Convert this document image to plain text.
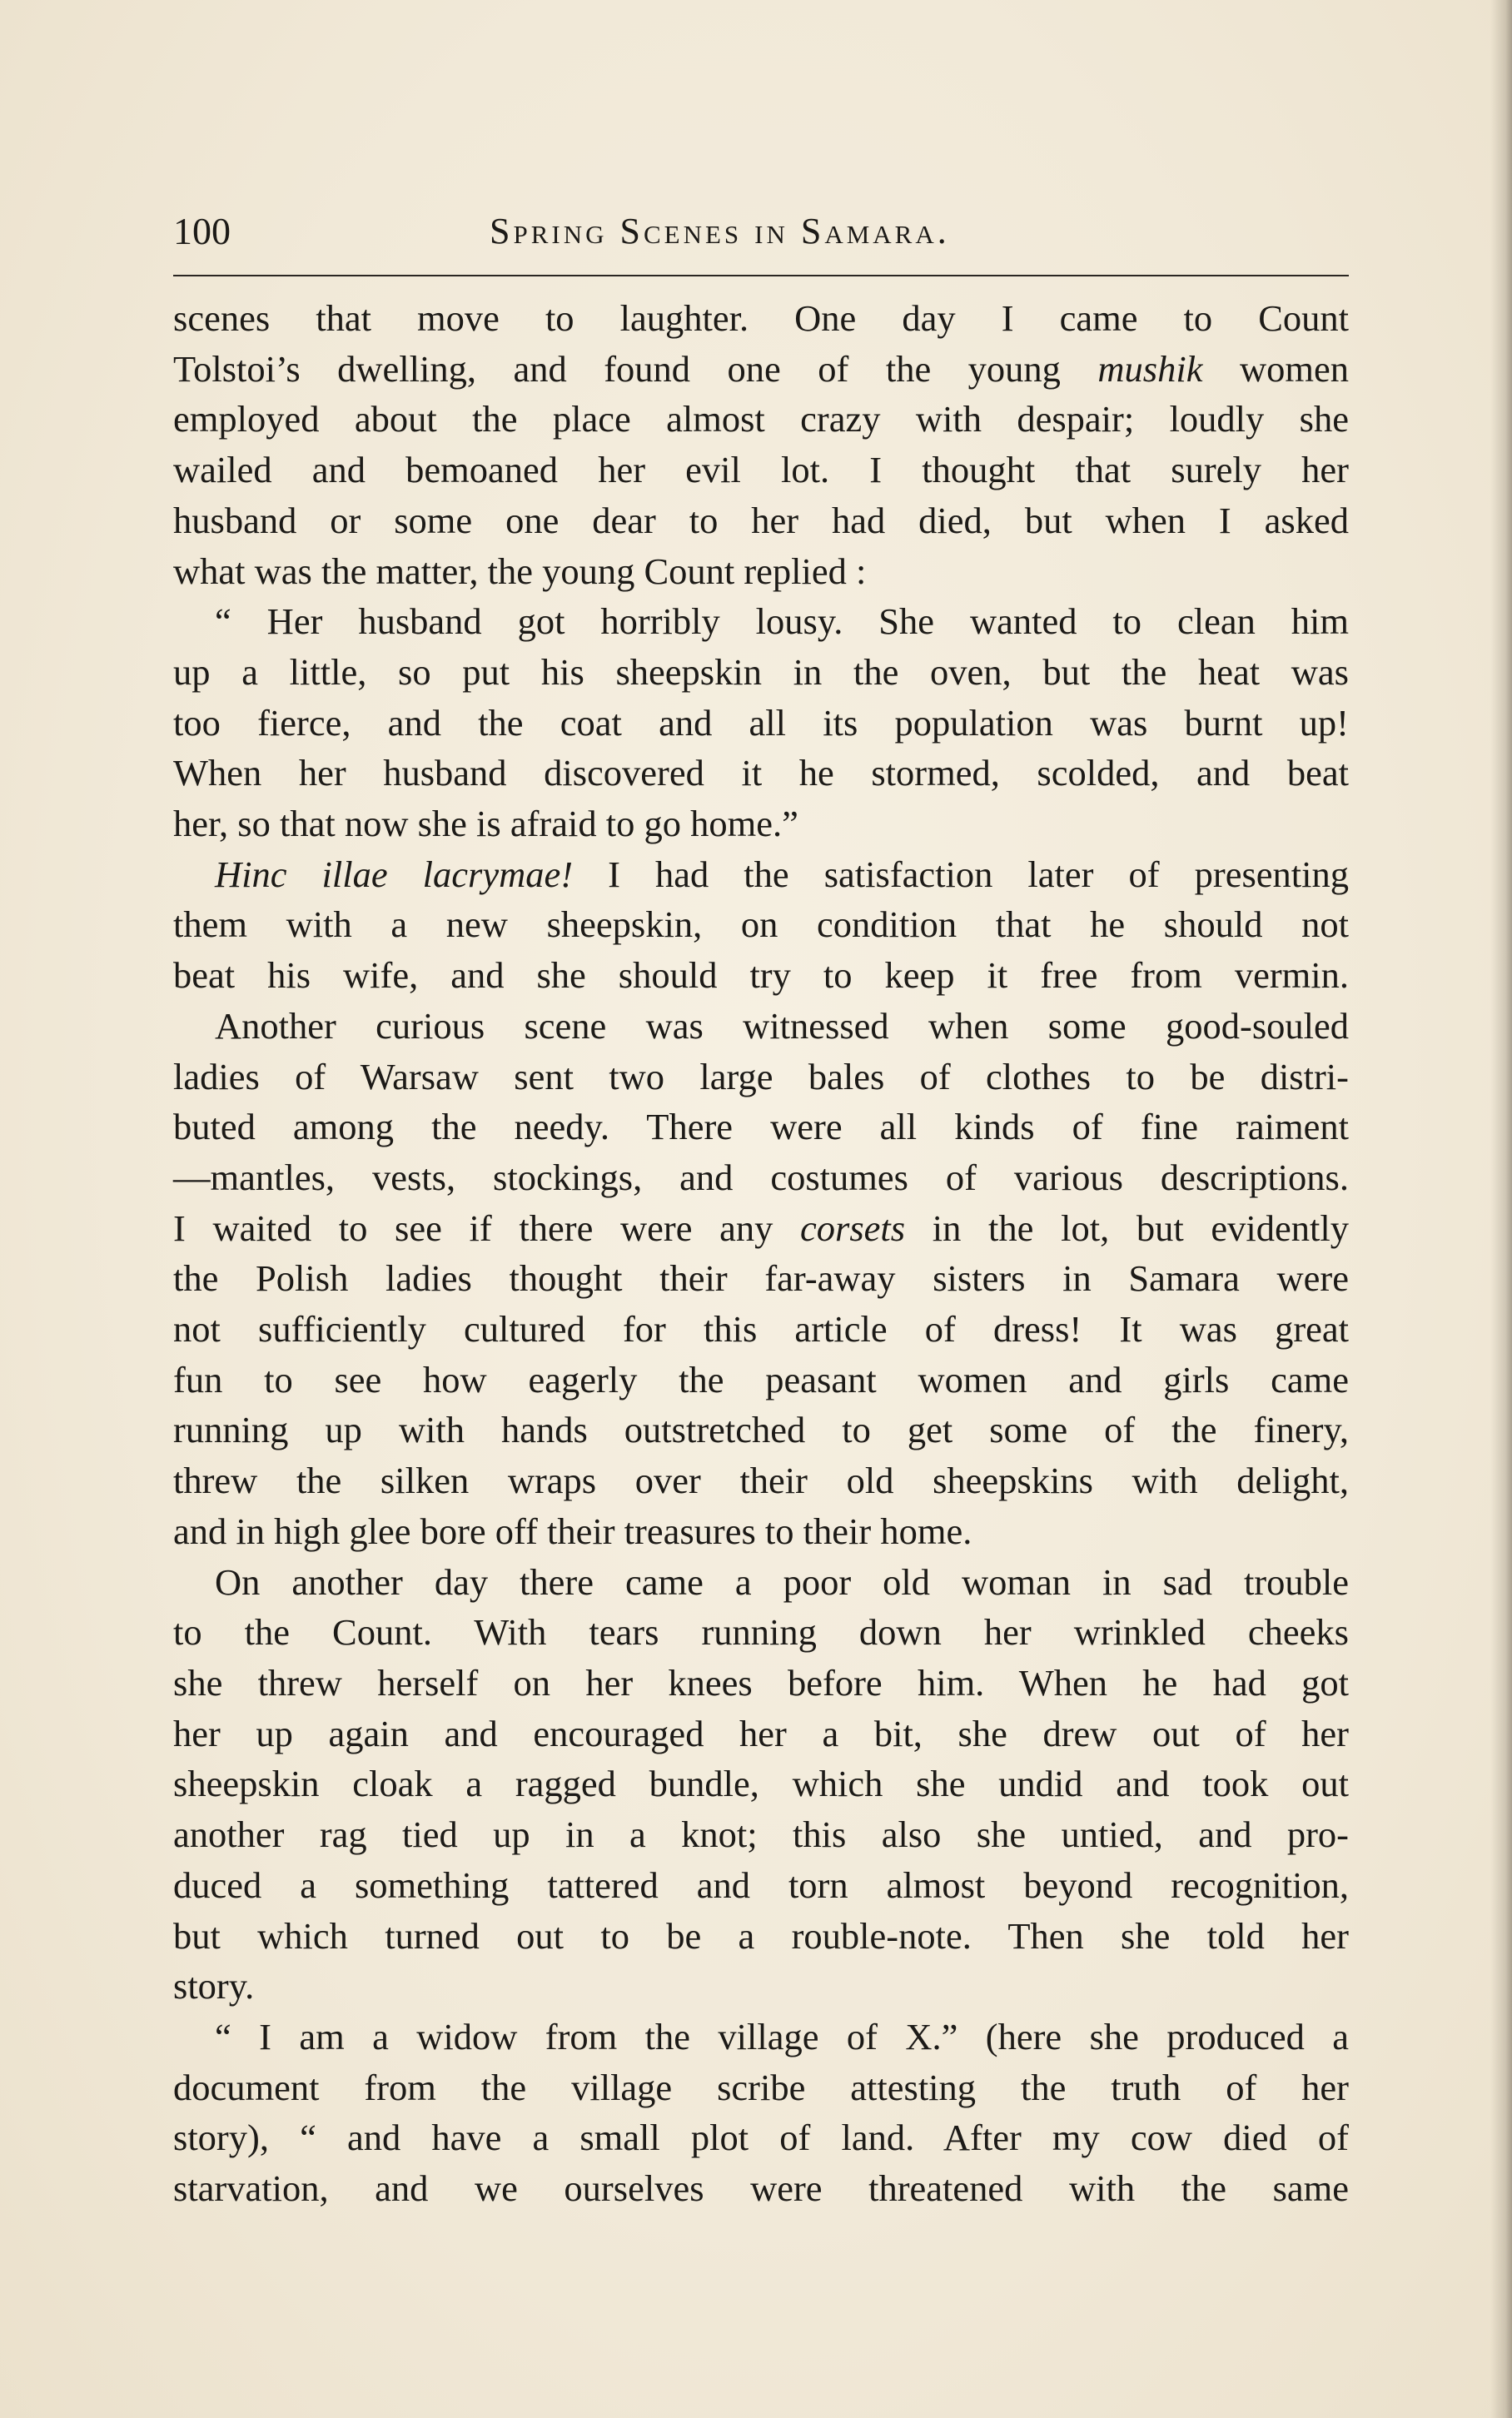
100	Spring Scenes in Samara.

scenes that move to laughter. One day I came to Count

Tolstoi’s dwelling, and found one of the young mushik women

employed about the place almost crazy with despair; loudly she

wailed and bemoaned her evil lot. I thought that surely her

husband or some one dear to her had died, but when I asked

what was the matter, the young Count replied :

“ Her husband got horribly lousy. She wanted to clean him

up a little, so put his sheepskin in the oven, but the heat was

too fierce, and the coat and all its population was burnt up!

When her husband discovered it he stormed, scolded, and beat

her, so that now she is afraid to go home.”

Hinc illae lacrymae! I had the satisfaction later of presenting

them with a new sheepskin, on condition that he should not

beat his wife, and she should try to keep it free from vermin.

Another curious scene was witnessed when some good-souled

ladies of Warsaw sent two large bales of clothes to be distri-

buted among the needy. There were all kinds of fine raiment

—mantles, vests, stockings, and costumes of various descriptions.

I waited to see if there were any corsets in the lot, but evidently

the Polish ladies thought their far-away sisters in Samara were

not sufficiently cultured for this article of dress! It was great

fun to see how eagerly the peasant women and girls came

running up with hands outstretched to get some of the finery,

threw the silken wraps over their old sheepskins with delight,

and in high glee bore off their treasures to their home.

On another day there came a poor old woman in sad trouble

to the Count. With tears running down her wrinkled cheeks

she threw herself on her knees before him. When he had got

her up again and encouraged her a bit, she drew out of her

sheepskin cloak a ragged bundle, which she undid and took out

another rag tied up in a knot; this also she untied, and pro-

duced a something tattered and torn almost beyond recognition,

but which turned out to be a rouble-note. Then she told her

story.

“ I am a widow from the village of X.” (here she produced a

document from the village scribe attesting the truth of her

story), “ and have a small plot of land. After my cow died of

starvation, and we ourselves were threatened with the same
